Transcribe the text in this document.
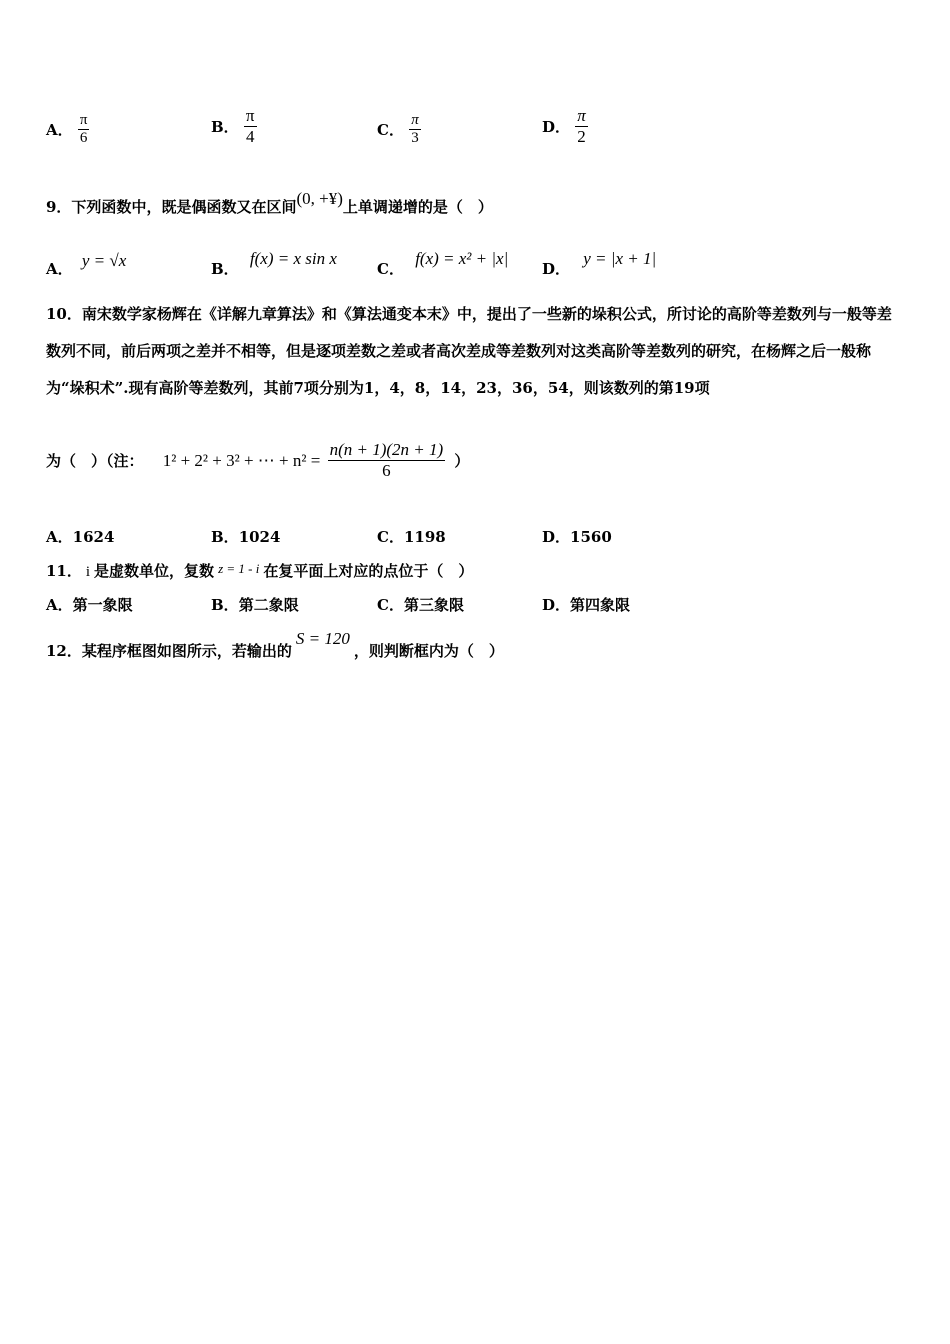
A． $\frac{\pi}{6}$	B． $\frac{\pi}{4}$	C． $\frac{\pi}{3}$	D． $\frac{\pi}{2}$
9．下列函数中，既是偶函数又在区间(0, +¥)上单调递增的是（　）
A． y = √x	B． f(x) = x sin x
C． f(x) = x² + |x|
D． y = |x + 1|
10．南宋数学家杨辉在《详解九章算法》和《算法通变本末》中，提出了一些新的垛积公式，所讨论的高阶等差数列与一般等差数列不同，前后两项之差并不相等，但是逐项差数之差或者高次差成等差数列对这类高阶等差数列的研究，在杨辉之后一般称为“垛积术”.现有高阶等差数列，其前7项分别为1，4，8，14，23，36，54，则该数列的第19项
为（　）（注： 1² + 2² + 3² + ⋯ + $n^2 = \frac{n(n + 1)(2n + 1)}{6}$ ）
A．1624	B．1024	C．1198	D．1560
11． i 是虚数单位，复数 z = 1 - i 在复平面上对应的点位于（　）
A．第一象限	B．第二象限	C．第三象限	D．第四象限
12．某程序框图如图所示，若输出的S = 120，则判断框内为（　）
